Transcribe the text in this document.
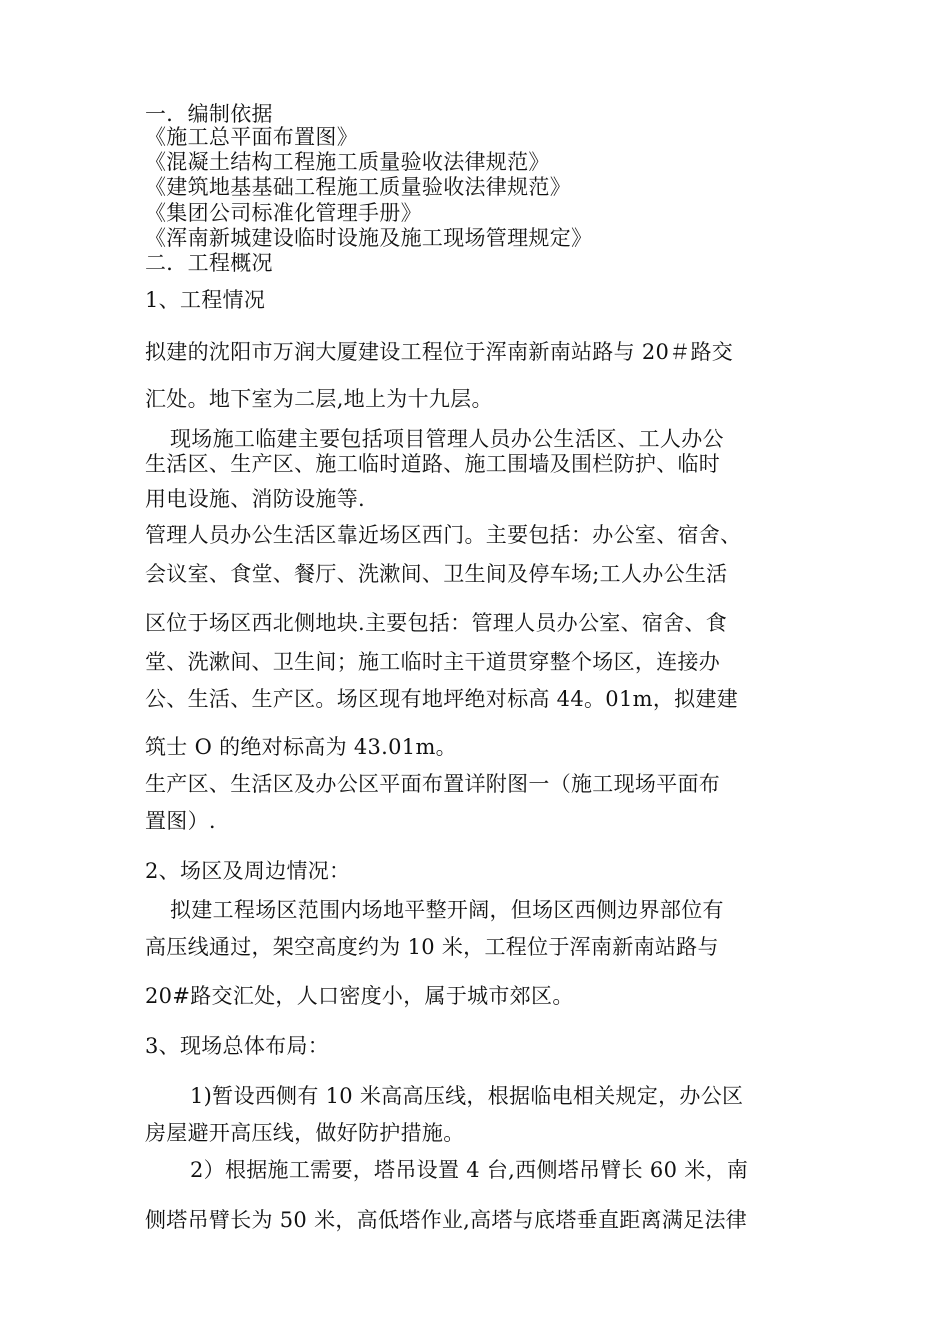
一．编制依据

《施工总平面布置图》

《混凝土结构工程施工质量验收法律规范》

《建筑地基基础工程施工质量验收法律规范》

《集团公司标准化管理手册》

《浑南新城建设临时设施及施工现场管理规定》

二．工程概况

1、工程情况

拟建的沈阳市万润大厦建设工程位于浑南新南站路与 20＃路交

汇处。地下室为二层,地上为十九层。

现场施工临建主要包括项目管理人员办公生活区、工人办公

生活区、生产区、施工临时道路、施工围墙及围栏防护、临时

用电设施、消防设施等.

管理人员办公生活区靠近场区西门。主要包括：办公室、宿舍、

会议室、食堂、餐厅、洗漱间、卫生间及停车场;工人办公生活

区位于场区西北侧地块.主要包括：管理人员办公室、宿舍、食

堂、洗漱间、卫生间；施工临时主干道贯穿整个场区，连接办

公、生活、生产区。场区现有地坪绝对标高 44。01m，拟建建

筑士 O 的绝对标高为 43.01m。

生产区、生活区及办公区平面布置详附图一（施工现场平面布

置图）.

2、场区及周边情况：

拟建工程场区范围内场地平整开阔，但场区西侧边界部位有

高压线通过，架空高度约为 10 米，工程位于浑南新南站路与

20#路交汇处，人口密度小，属于城市郊区。

3、现场总体布局：

1)暂设西侧有 10 米高高压线，根据临电相关规定，办公区

房屋避开高压线，做好防护措施。

2）根据施工需要，塔吊设置 4 台,西侧塔吊臂长 60 米，南

侧塔吊臂长为 50 米，高低塔作业,高塔与底塔垂直距离满足法律
